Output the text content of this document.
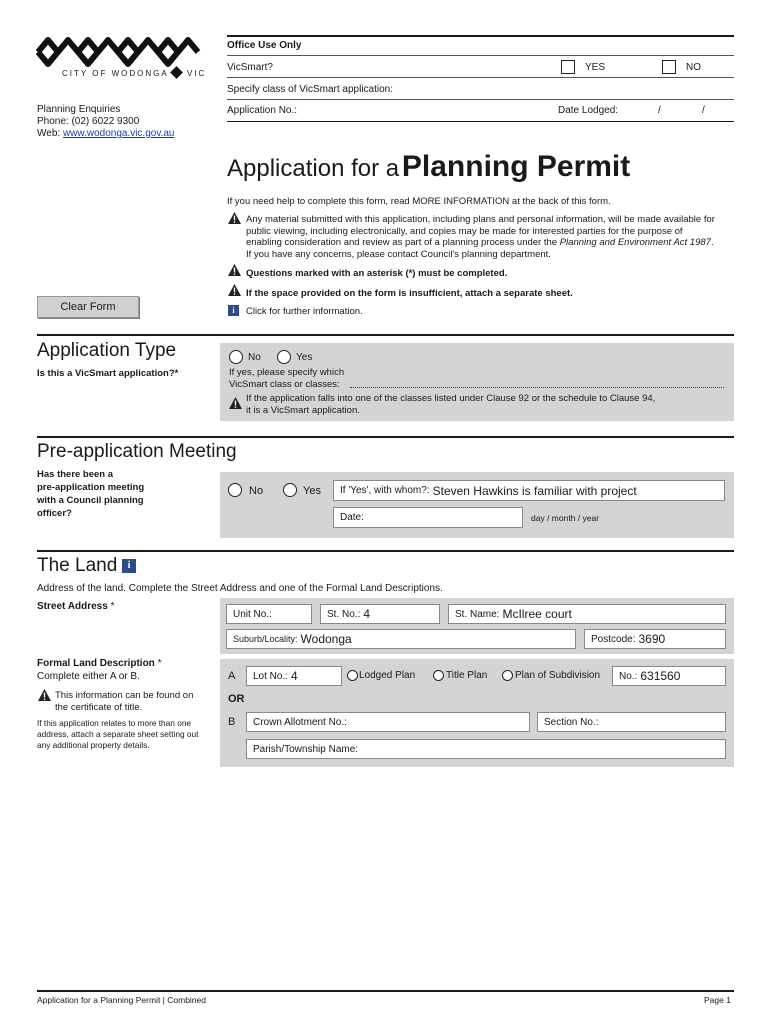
CITY OF WODONGA VIC
Planning Enquiries
Phone: (02) 6022 9300
Web: www.wodonga.vic.gov.au
Office Use Only
VicSmart?	YES	NO
Specify class of VicSmart application:
Application No.:	Date Lodged:	/	/
Application for a Planning Permit
If you need help to complete this form, read MORE INFORMATION at the back of this form.
Any material submitted with this application, including plans and personal information, will be made available for public viewing, including electronically, and copies may be made for interested parties for the purpose of enabling consideration and review as part of a planning process under the Planning and Environment Act 1987. If you have any concerns, please contact Council's planning department.
Questions marked with an asterisk (*) must be completed.
If the space provided on the form is insufficient, attach a separate sheet.
i	Click for further information.
Clear Form
Application Type
Is this a VicSmart application?*
No	Yes
If yes, please specify which
VicSmart class or classes:
If the application falls into one of the classes listed under Clause 92 or the schedule to Clause 94,
it is a VicSmart application.
Pre-application Meeting
Has there been a
pre-application meeting
with a Council planning
officer?
No	Yes If 'Yes', with whom?: Steven Hawkins is familiar with project
Date:	day / month / year
The Land	i
Address of the land. Complete the Street Address and one of the Formal Land Descriptions.
Street Address *
Unit No.:	St. No.: 4	St. Name: McIlree court
Suburb/Locality: Wodonga	Postcode: 3690
Formal Land Description *
Complete either A or B.
This information can be found on
the certificate of title.
If this application relates to more than one
address, attach a separate sheet setting out
any additional property details.
A Lot No.: 4	Lodged Plan	Title Plan	Plan of Subdivision No.: 631560
OR
B Crown Allotment No.:	Section No.:
Parish/Township Name:
Application for a Planning Permit | Combined	Page 1
